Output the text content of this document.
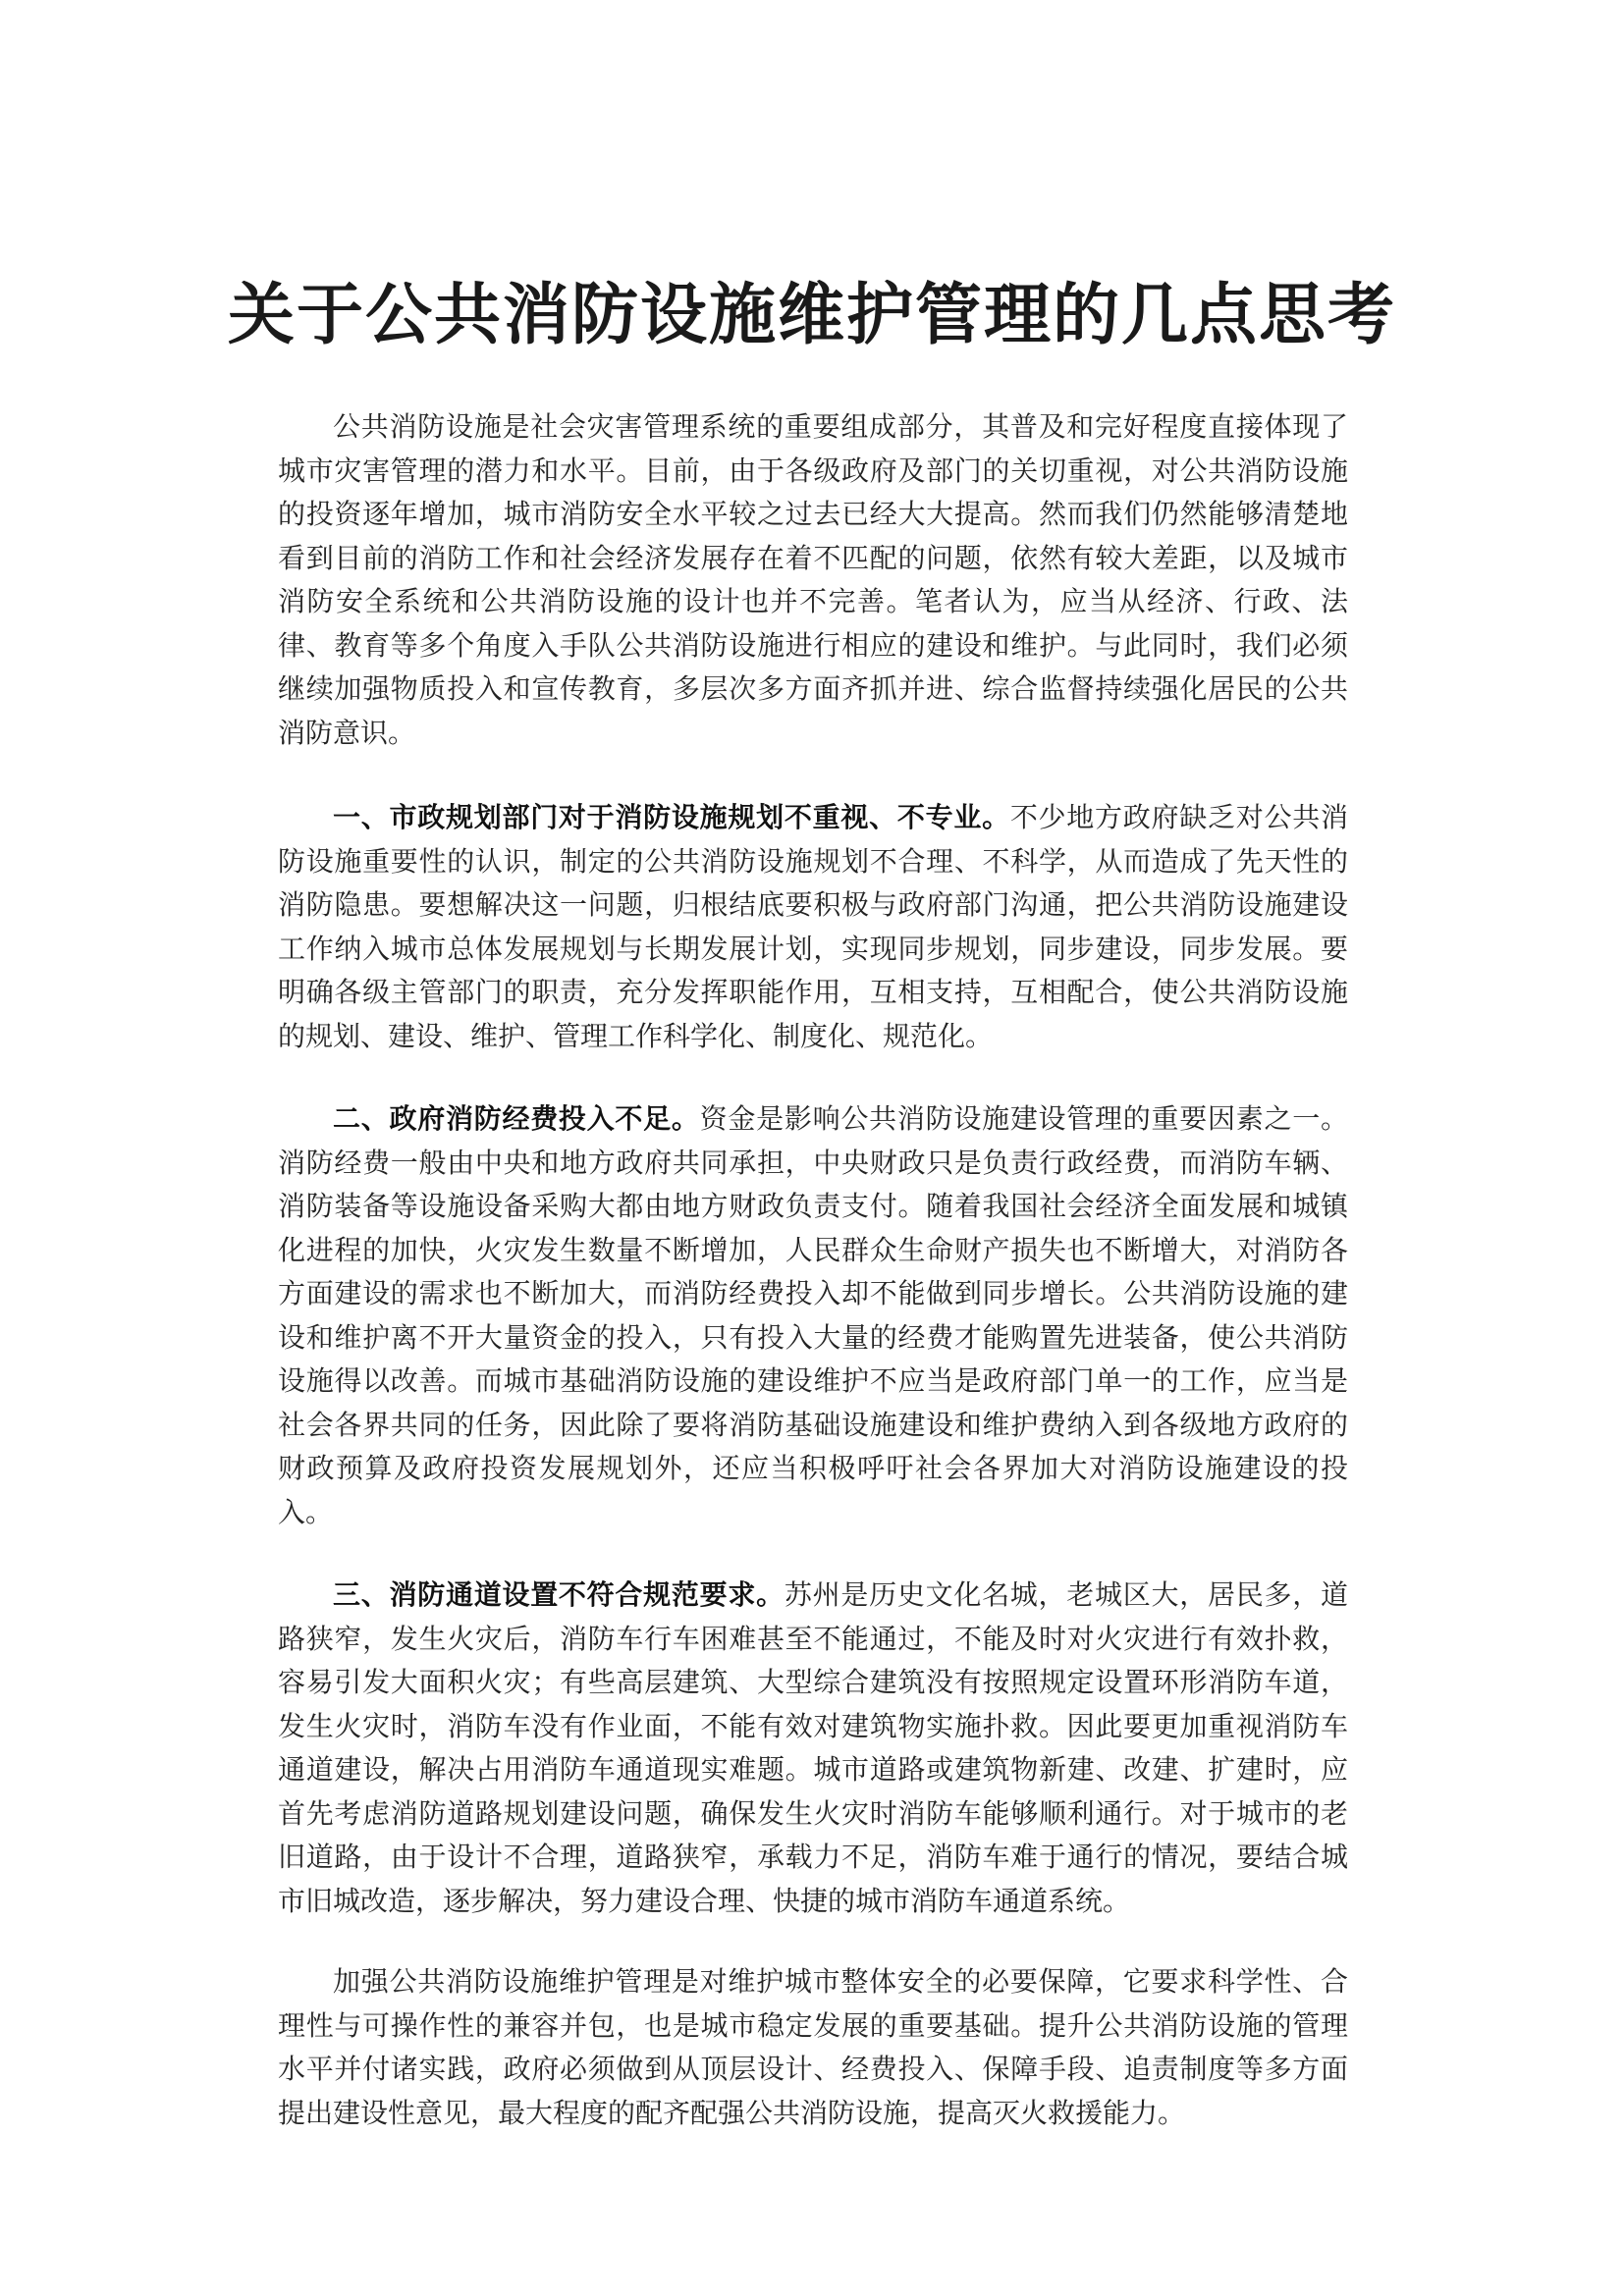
关于公共消防设施维护管理的几点思考

公共消防设施是社会灾害管理系统的重要组成部分，其普及和完好程度直接体现了城市灾害管理的潜力和水平。目前，由于各级政府及部门的关切重视，对公共消防设施的投资逐年增加，城市消防安全水平较之过去已经大大提高。然而我们仍然能够清楚地看到目前的消防工作和社会经济发展存在着不匹配的问题，依然有较大差距，以及城市消防安全系统和公共消防设施的设计也并不完善。笔者认为，应当从经济、行政、法律、教育等多个角度入手队公共消防设施进行相应的建设和维护。与此同时，我们必须继续加强物质投入和宣传教育，多层次多方面齐抓并进、综合监督持续强化居民的公共消防意识。

一、市政规划部门对于消防设施规划不重视、不专业。不少地方政府缺乏对公共消防设施重要性的认识，制定的公共消防设施规划不合理、不科学，从而造成了先天性的消防隐患。要想解决这一问题，归根结底要积极与政府部门沟通，把公共消防设施建设工作纳入城市总体发展规划与长期发展计划，实现同步规划，同步建设，同步发展。要明确各级主管部门的职责，充分发挥职能作用，互相支持，互相配合，使公共消防设施的规划、建设、维护、管理工作科学化、制度化、规范化。

二、政府消防经费投入不足。资金是影响公共消防设施建设管理的重要因素之一。消防经费一般由中央和地方政府共同承担，中央财政只是负责行政经费，而消防车辆、消防装备等设施设备采购大都由地方财政负责支付。随着我国社会经济全面发展和城镇化进程的加快，火灾发生数量不断增加，人民群众生命财产损失也不断增大，对消防各方面建设的需求也不断加大，而消防经费投入却不能做到同步增长。公共消防设施的建设和维护离不开大量资金的投入，只有投入大量的经费才能购置先进装备，使公共消防设施得以改善。而城市基础消防设施的建设维护不应当是政府部门单一的工作，应当是社会各界共同的任务，因此除了要将消防基础设施建设和维护费纳入到各级地方政府的财政预算及政府投资发展规划外，还应当积极呼吁社会各界加大对消防设施建设的投入。

三、消防通道设置不符合规范要求。苏州是历史文化名城，老城区大，居民多，道路狭窄，发生火灾后，消防车行车困难甚至不能通过，不能及时对火灾进行有效扑救，容易引发大面积火灾；有些高层建筑、大型综合建筑没有按照规定设置环形消防车道，发生火灾时，消防车没有作业面，不能有效对建筑物实施扑救。因此要更加重视消防车通道建设，解决占用消防车通道现实难题。城市道路或建筑物新建、改建、扩建时，应首先考虑消防道路规划建设问题，确保发生火灾时消防车能够顺利通行。对于城市的老旧道路，由于设计不合理，道路狭窄，承载力不足，消防车难于通行的情况，要结合城市旧城改造，逐步解决，努力建设合理、快捷的城市消防车通道系统。

加强公共消防设施维护管理是对维护城市整体安全的必要保障，它要求科学性、合理性与可操作性的兼容并包，也是城市稳定发展的重要基础。提升公共消防设施的管理水平并付诸实践，政府必须做到从顶层设计、经费投入、保障手段、追责制度等多方面提出建设性意见，最大程度的配齐配强公共消防设施，提高灭火救援能力。
